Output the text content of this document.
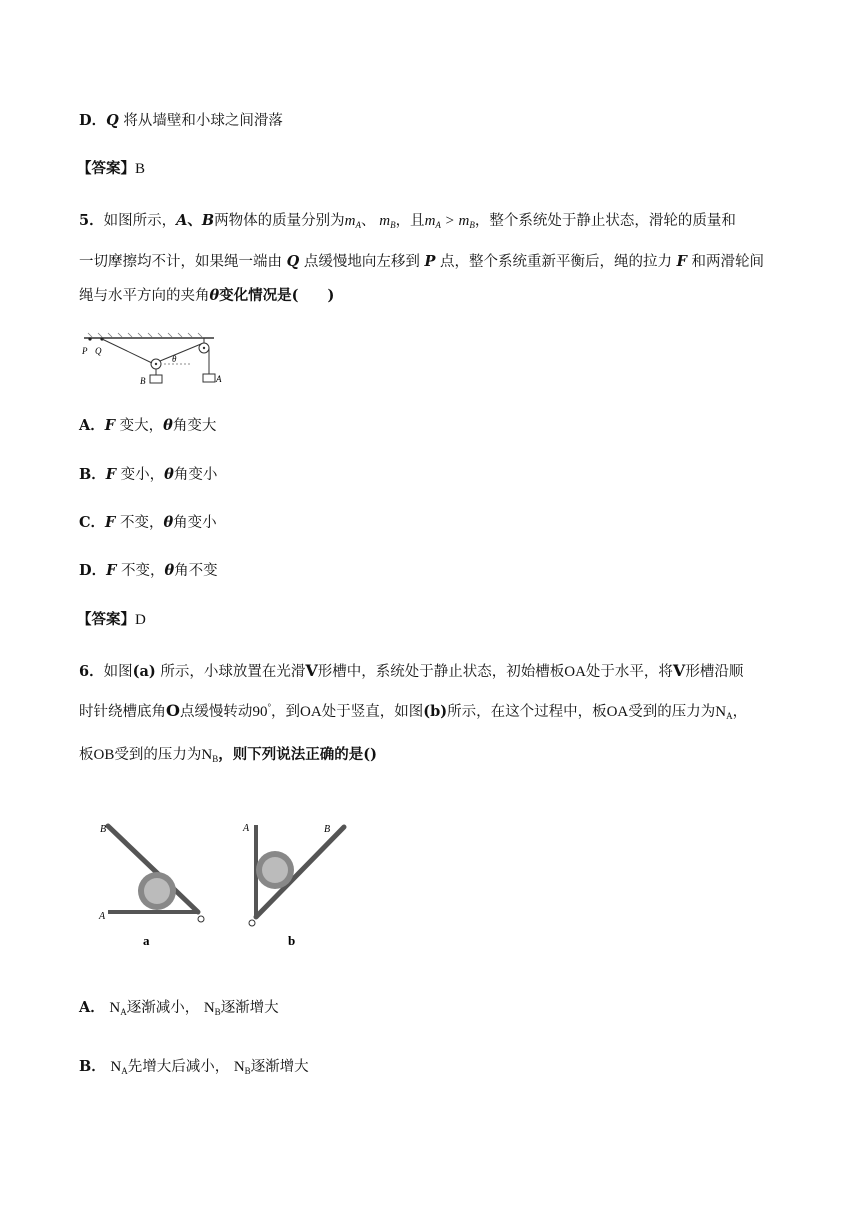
D．Q 将从墙壁和小球之间滑落
【答案】B
5．如图所示，A、B两物体的质量分别为$m_A$、 $m_B$，且$m_A > m_B$，整个系统处于静止状态，滑轮的质量和
一切摩擦均不计，如果绳一端由 Q 点缓慢地向左移到 P 点，整个系统重新平衡后，绳的拉力 F 和两滑轮间
绳与水平方向的夹角θ变化情况是(　　)
P Q
θ
B	A
A．F 变大，θ角变大
B．F 变小，θ角变小
C．F 不变，θ角变小
D．F 不变，θ角不变
【答案】D
6．如图(a) 所示，小球放置在光滑V形槽中，系统处于静止状态，初始槽板OA处于水平，将V形槽沿顺
时针绕槽底角O点缓慢转动90°，到OA处于竖直，如图(b)所示，在这个过程中，板OA受到的压力为$N_A$，
板OB受到的压力为$N_B$，则下列说法正确的是()
B
A
a
A	B
b
A． $N_A$逐渐减小， $N_B$逐渐增大
B． $N_A$先增大后减小， $N_B$逐渐增大
